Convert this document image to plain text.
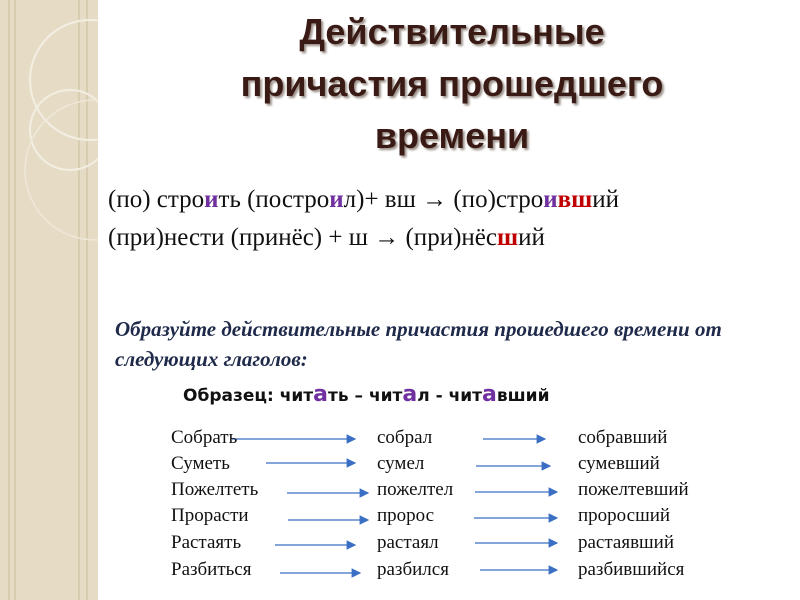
Действительные
причастия прошедшего
времени
(по) строить (построил)+ вш → (по)строивший
(при)нести (принёс) + ш → (при)нёсший
Образуйте действительные причастия прошедшего времени от следующих глаголов:
Образец: читать – читал - читавший
Собрать	собрал	собравший
Суметь	сумел	сумевший
Пожелтеть	пожелтел	пожелтевший
Прорасти	пророс	проросший
Растаять	растаял	растаявший
Разбиться	разбился	разбившийся
